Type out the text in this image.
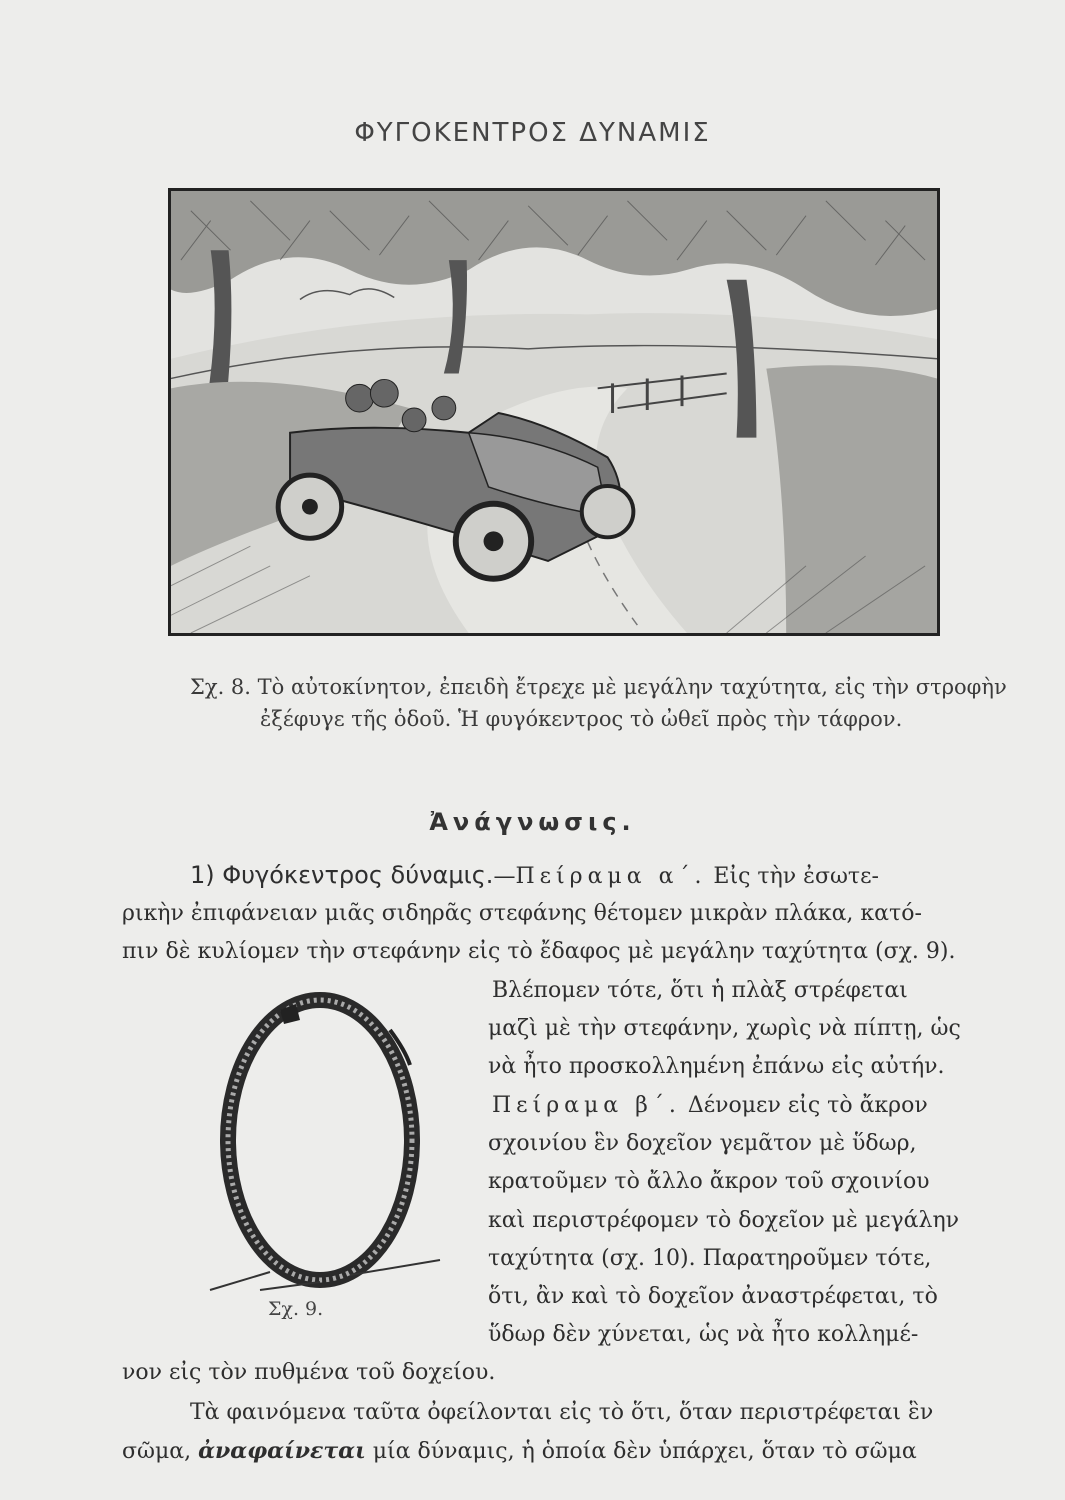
ΦΥΓΟΚΕΝΤΡΟΣ ΔΥΝΑΜΙΣ
Σχ. 8. Τὸ αὐτοκίνητον, ἐπειδὴ ἔτρεχε μὲ μεγάλην ταχύτητα, εἰς τὴν στροφὴν
ἐξέφυγε τῆς ὁδοῦ. Ἡ φυγόκεντρος τὸ ὠθεῖ πρὸς τὴν τάφρον.
Ἀνάγνωσις.
1) Φυγόκεντρος δύναμις.—Πείραμα α΄. Εἰς τὴν ἐσωτε-
ρικὴν ἐπιφάνειαν μιᾶς σιδηρᾶς στεφάνης θέτομεν μικρὰν πλάκα, κατό-
πιν δὲ κυλίομεν τὴν στεφάνην εἰς τὸ ἔδαφος μὲ μεγάλην ταχύτητα (σχ. 9).
Βλέπομεν τότε, ὅτι ἡ πλὰξ στρέφεται
μαζὶ μὲ τὴν στεφάνην, χωρὶς νὰ πίπτῃ, ὡς
νὰ ἦτο προσκολλημένη ἐπάνω εἰς αὐτήν.
Σχ. 9.
Πείραμα β΄. Δένομεν εἰς τὸ ἄκρον
σχοινίου ἓν δοχεῖον γεμᾶτον μὲ ὕδωρ,
κρατοῦμεν τὸ ἄλλο ἄκρον τοῦ σχοινίου
καὶ περιστρέφομεν τὸ δοχεῖον μὲ μεγάλην
ταχύτητα (σχ. 10). Παρατηροῦμεν τότε,
ὅτι, ἂν καὶ τὸ δοχεῖον ἀναστρέφεται, τὸ
ὕδωρ δὲν χύνεται, ὡς νὰ ἦτο κολλημέ-
νον εἰς τὸν πυθμένα τοῦ δοχείου.
Τὰ φαινόμενα ταῦτα ὀφείλονται εἰς τὸ ὅτι, ὅταν περιστρέφεται ἓν
σῶμα, ἀναφαίνεται μία δύναμις, ἡ ὁποία δὲν ὑπάρχει, ὅταν τὸ σῶμα
